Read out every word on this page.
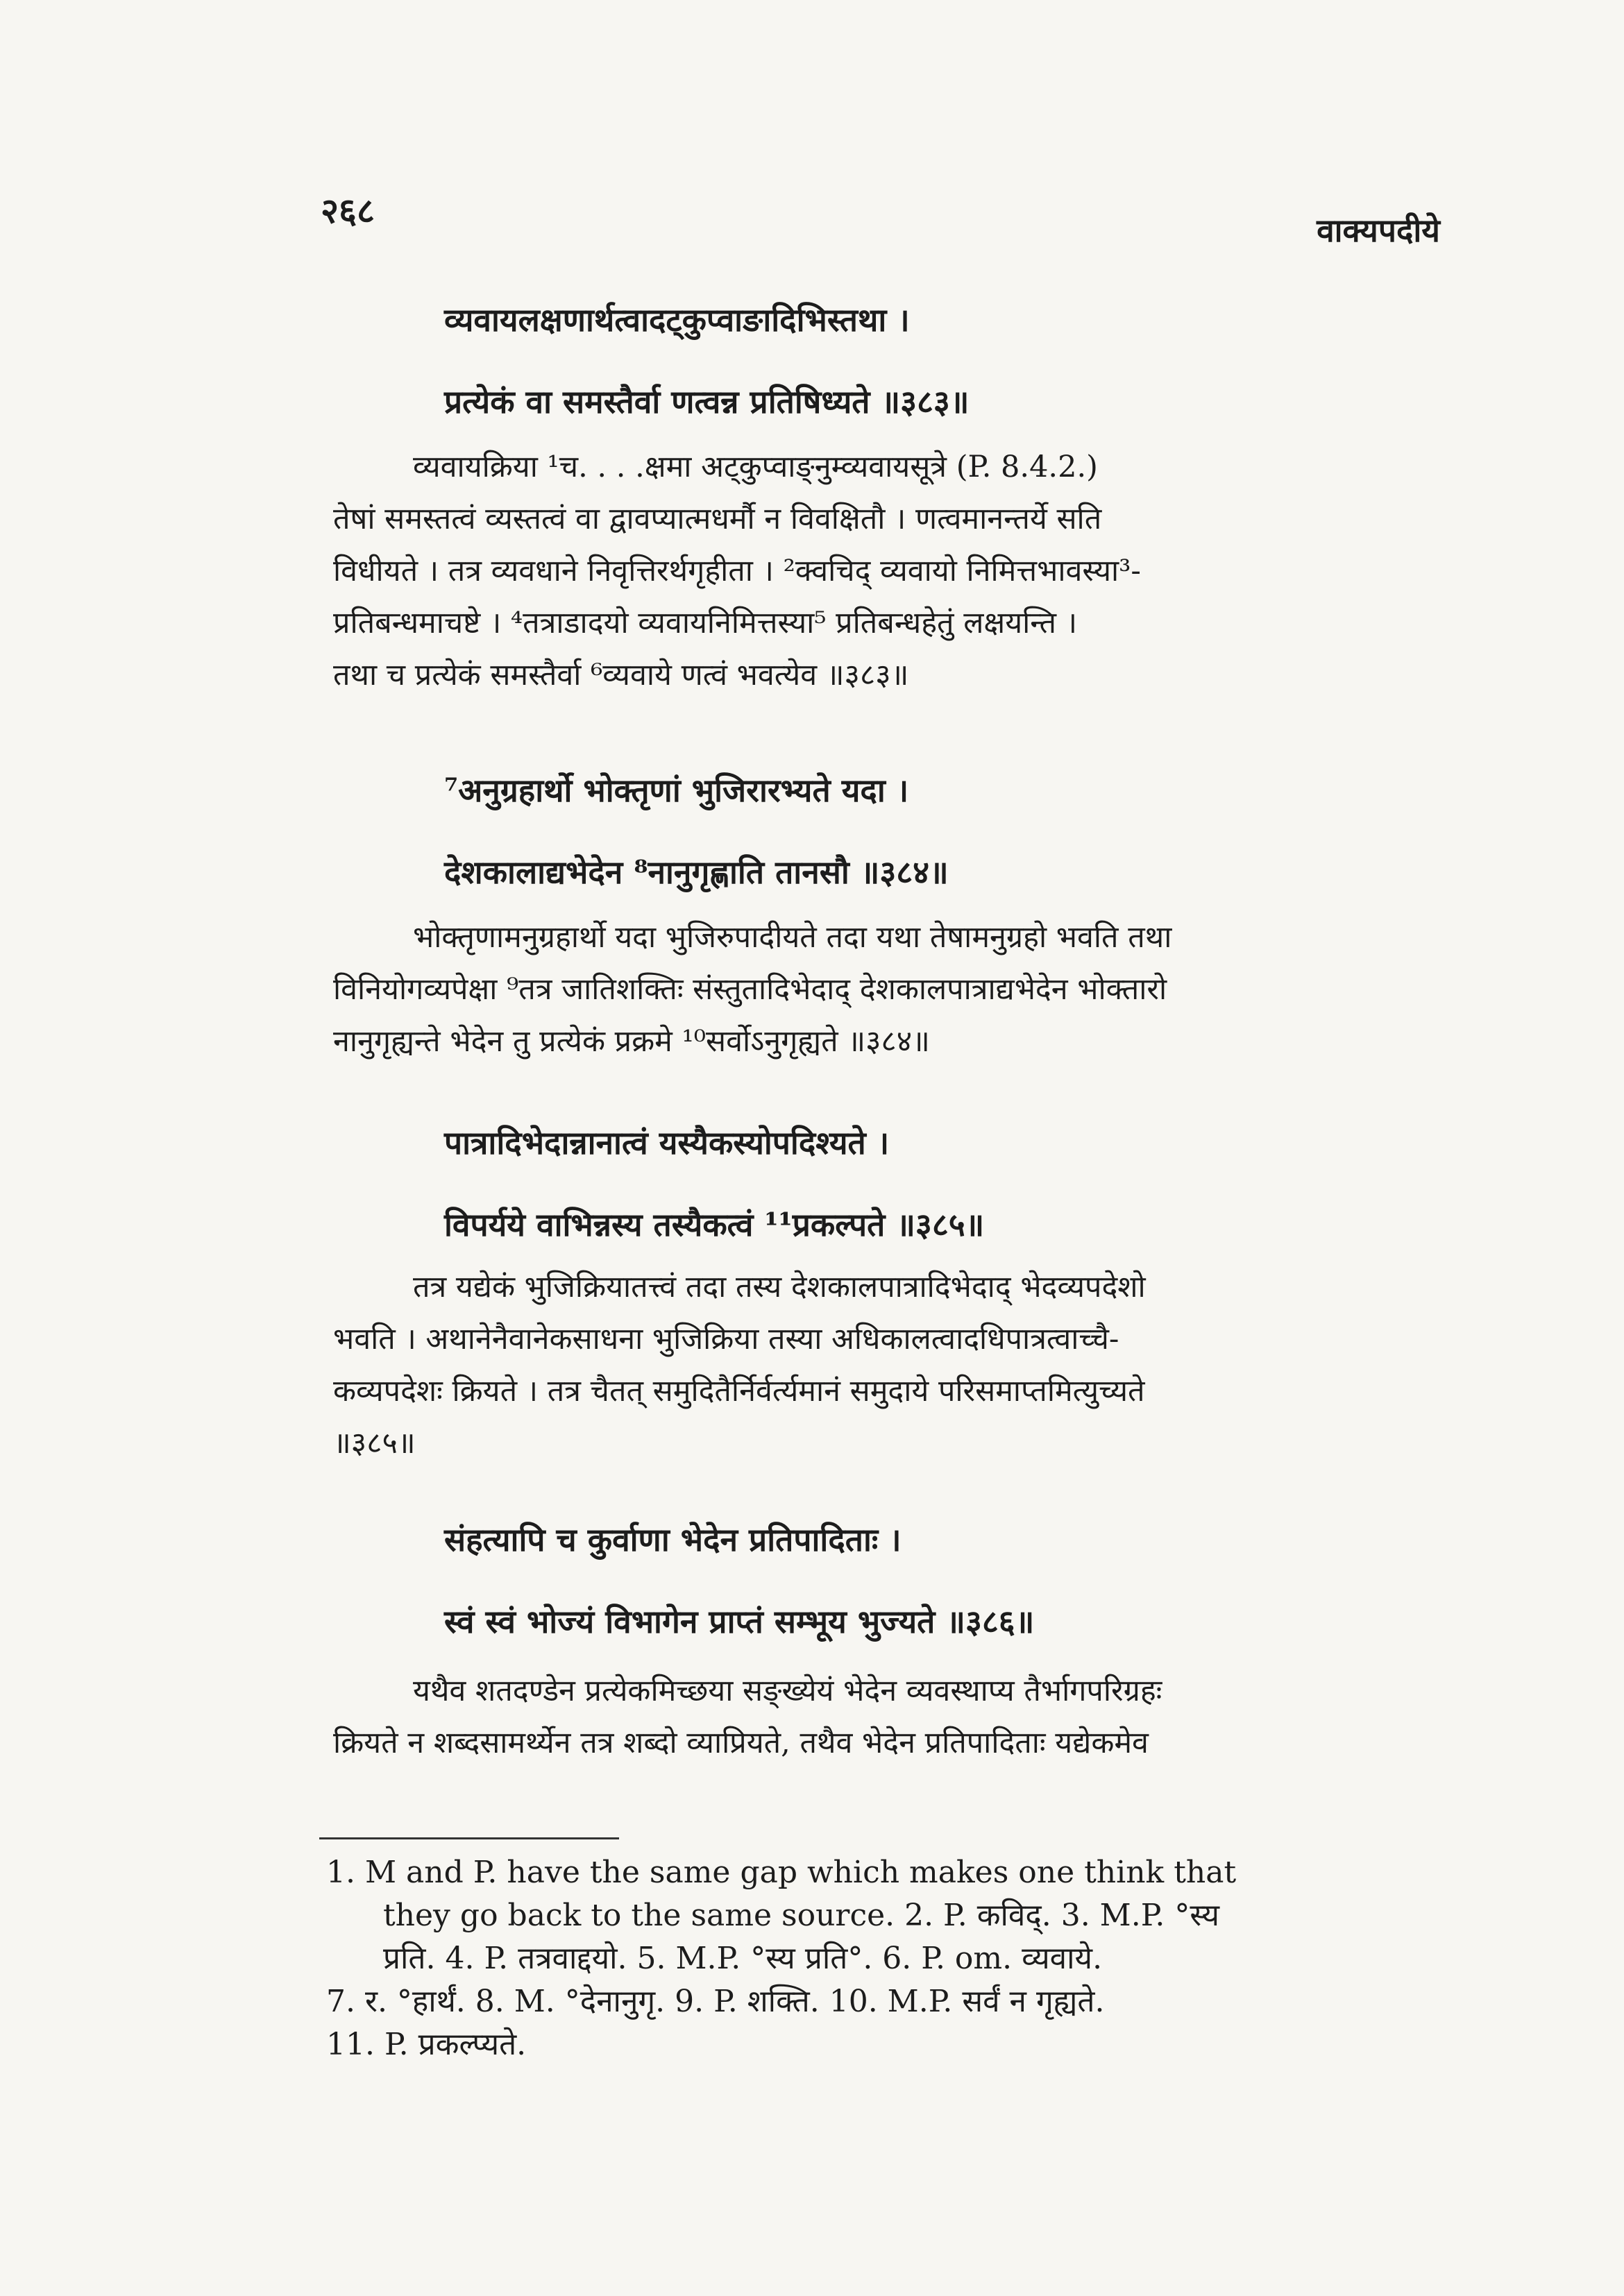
२६८	वाक्यपदीये
व्यवायलक्षणार्थत्वादट्कुप्वाङादिभिस्तथा ।
प्रत्येकं वा समस्तैर्वा णत्वन्न प्रतिषिध्यते ॥३८३॥
व्यवायक्रिया ¹च. . . .क्षमा अट्कुप्वाङ्नुम्व्यवायसूत्रे (P. 8.4.2.)
तेषां समस्तत्वं व्यस्तत्वं वा द्वावप्यात्मधर्मौ न विवक्षितौ । णत्वमानन्तर्ये सति
विधीयते । तत्र व्यवधाने निवृत्तिरर्थगृहीता । ²क्वचिद् व्यवायो निमित्तभावस्या³-
प्रतिबन्धमाचष्टे । ⁴तत्राडादयो व्यवायनिमित्तस्या⁵ प्रतिबन्धहेतुं लक्षयन्ति ।
तथा च प्रत्येकं समस्तैर्वा ⁶व्यवाये णत्वं भवत्येव ॥३८३॥
⁷अनुग्रहार्थो भोक्तृणां भुजिरारभ्यते यदा ।
देशकालाद्यभेदेन ⁸नानुगृह्णाति तानसौ ॥३८४॥
भोक्तृणामनुग्रहार्थो यदा भुजिरुपादीयते तदा यथा तेषामनुग्रहो भवति तथा
विनियोगव्यपेक्षा ⁹तत्र जातिशक्तिः संस्तुतादिभेदाद् देशकालपात्राद्यभेदेन भोक्तारो
नानुगृह्यन्ते भेदेन तु प्रत्येकं प्रक्रमे ¹⁰सर्वोऽनुगृह्यते ॥३८४॥
पात्रादिभेदान्नानात्वं यस्यैकस्योपदिश्यते ।
विपर्यये वाभिन्नस्य तस्यैकत्वं ¹¹प्रकल्पते ॥३८५॥
तत्र यद्येकं भुजिक्रियातत्त्वं तदा तस्य देशकालपात्रादिभेदाद् भेदव्यपदेशो
भवति । अथानेनैवानेकसाधना भुजिक्रिया तस्या अधिकालत्वादधिपात्रत्वाच्चै-
कव्यपदेशः क्रियते । तत्र चैतत् समुदितैर्निर्वर्त्यमानं समुदाये परिसमाप्तमित्युच्यते
॥३८५॥
संहत्यापि च कुर्वाणा भेदेन प्रतिपादिताः ।
स्वं स्वं भोज्यं विभागेन प्राप्तं सम्भूय भुज्यते ॥३८६॥
यथैव शतदण्डेन प्रत्येकमिच्छया सङ्ख्येयं भेदेन व्यवस्थाप्य तैर्भागपरिग्रहः
क्रियते न शब्दसामर्थ्येन तत्र शब्दो व्याप्रियते, तथैव भेदेन प्रतिपादिताः यद्येकमेव
1. M and P. have the same gap which makes one think that
they go back to the same source. 2. P. कविद्. 3. M.P. °स्य
प्रति. 4. P. तत्रवाद्दयो. 5. M.P. °स्य प्रति°. 6. P. om. व्यवाये.
7. र. °हार्थं. 8. M. °देनानुगृ. 9. P. शक्ति. 10. M.P. सर्वं न गृह्यते.
11. P. प्रकल्प्यते.
